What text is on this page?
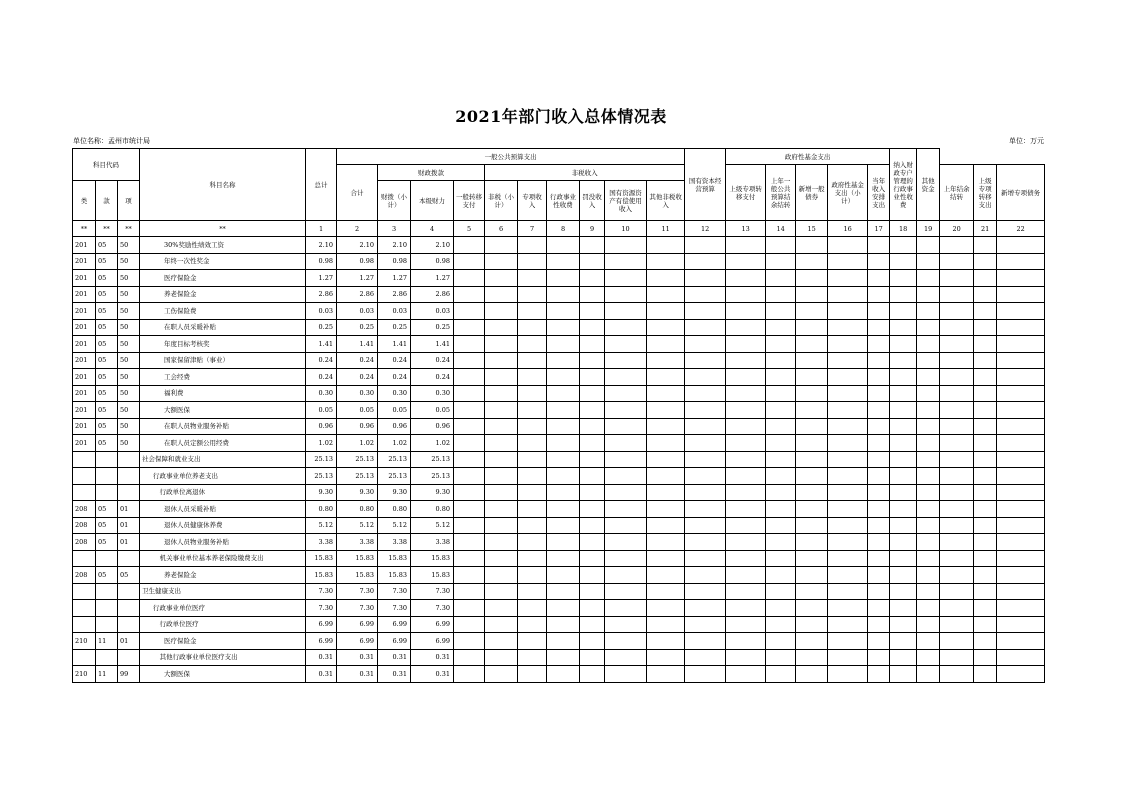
2021年部门收入总体情况表
单位名称：孟州市统计局	单位：万元
科目代码			科目名称	总计	一般公共预算支出										国有资本经营预算	政府性基金支出					纳入财政专户管理的行政事业性收费	其他资金			
					合计	财政拨款			非税收入							上级专项转移支付	上年一般公共预算结余结转	新增一般债券	政府性基金支出（小计）	当年收入安排支出			上年结余结转	上级专项转移支出	新增专项债务
类	款	项				财拨（小计）	本级财力	一般转移支付	非税（小计）	专项收入	行政事业性收费	罚没收入	国有资源资产有偿使用收入	其他非税收入											

**	**	**	**	1	2	3	4	5	6	7	8	9	10	11	12	13	14	15	16	17	18	19	20	21	22
201	05	50	30%奖励性绩效工资	2.10	2.10	2.10	2.10																		
201	05	50	年终一次性奖金	0.98	0.98	0.98	0.98																		
201	05	50	医疗保险金	1.27	1.27	1.27	1.27																		
201	05	50	养老保险金	2.86	2.86	2.86	2.86																		
201	05	50	工伤保险费	0.03	0.03	0.03	0.03																		
201	05	50	在职人员采暖补贴	0.25	0.25	0.25	0.25																		
201	05	50	年度目标考核奖	1.41	1.41	1.41	1.41																		
201	05	50	国家保留津贴（事业）	0.24	0.24	0.24	0.24																		
201	05	50	工会经费	0.24	0.24	0.24	0.24																		
201	05	50	福利费	0.30	0.30	0.30	0.30																		
201	05	50	大额医保	0.05	0.05	0.05	0.05																		
201	05	50	在职人员物业服务补贴	0.96	0.96	0.96	0.96																		
201	05	50	在职人员定额公用经费	1.02	1.02	1.02	1.02																		
			社会保障和就业支出	25.13	25.13	25.13	25.13																		
			行政事业单位养老支出	25.13	25.13	25.13	25.13																		
			行政单位离退休	9.30	9.30	9.30	9.30																		
208	05	01	退休人员采暖补贴	0.80	0.80	0.80	0.80																		
208	05	01	退休人员健康休养费	5.12	5.12	5.12	5.12																		
208	05	01	退休人员物业服务补贴	3.38	3.38	3.38	3.38																		
			机关事业单位基本养老保险缴费支出	15.83	15.83	15.83	15.83																		
208	05	05	养老保险金	15.83	15.83	15.83	15.83																		
			卫生健康支出	7.30	7.30	7.30	7.30																		
			行政事业单位医疗	7.30	7.30	7.30	7.30																		
			行政单位医疗	6.99	6.99	6.99	6.99																		
210	11	01	医疗保险金	6.99	6.99	6.99	6.99																		
			其他行政事业单位医疗支出	0.31	0.31	0.31	0.31																		
210	11	99	大额医保	0.31	0.31	0.31	0.31																		
